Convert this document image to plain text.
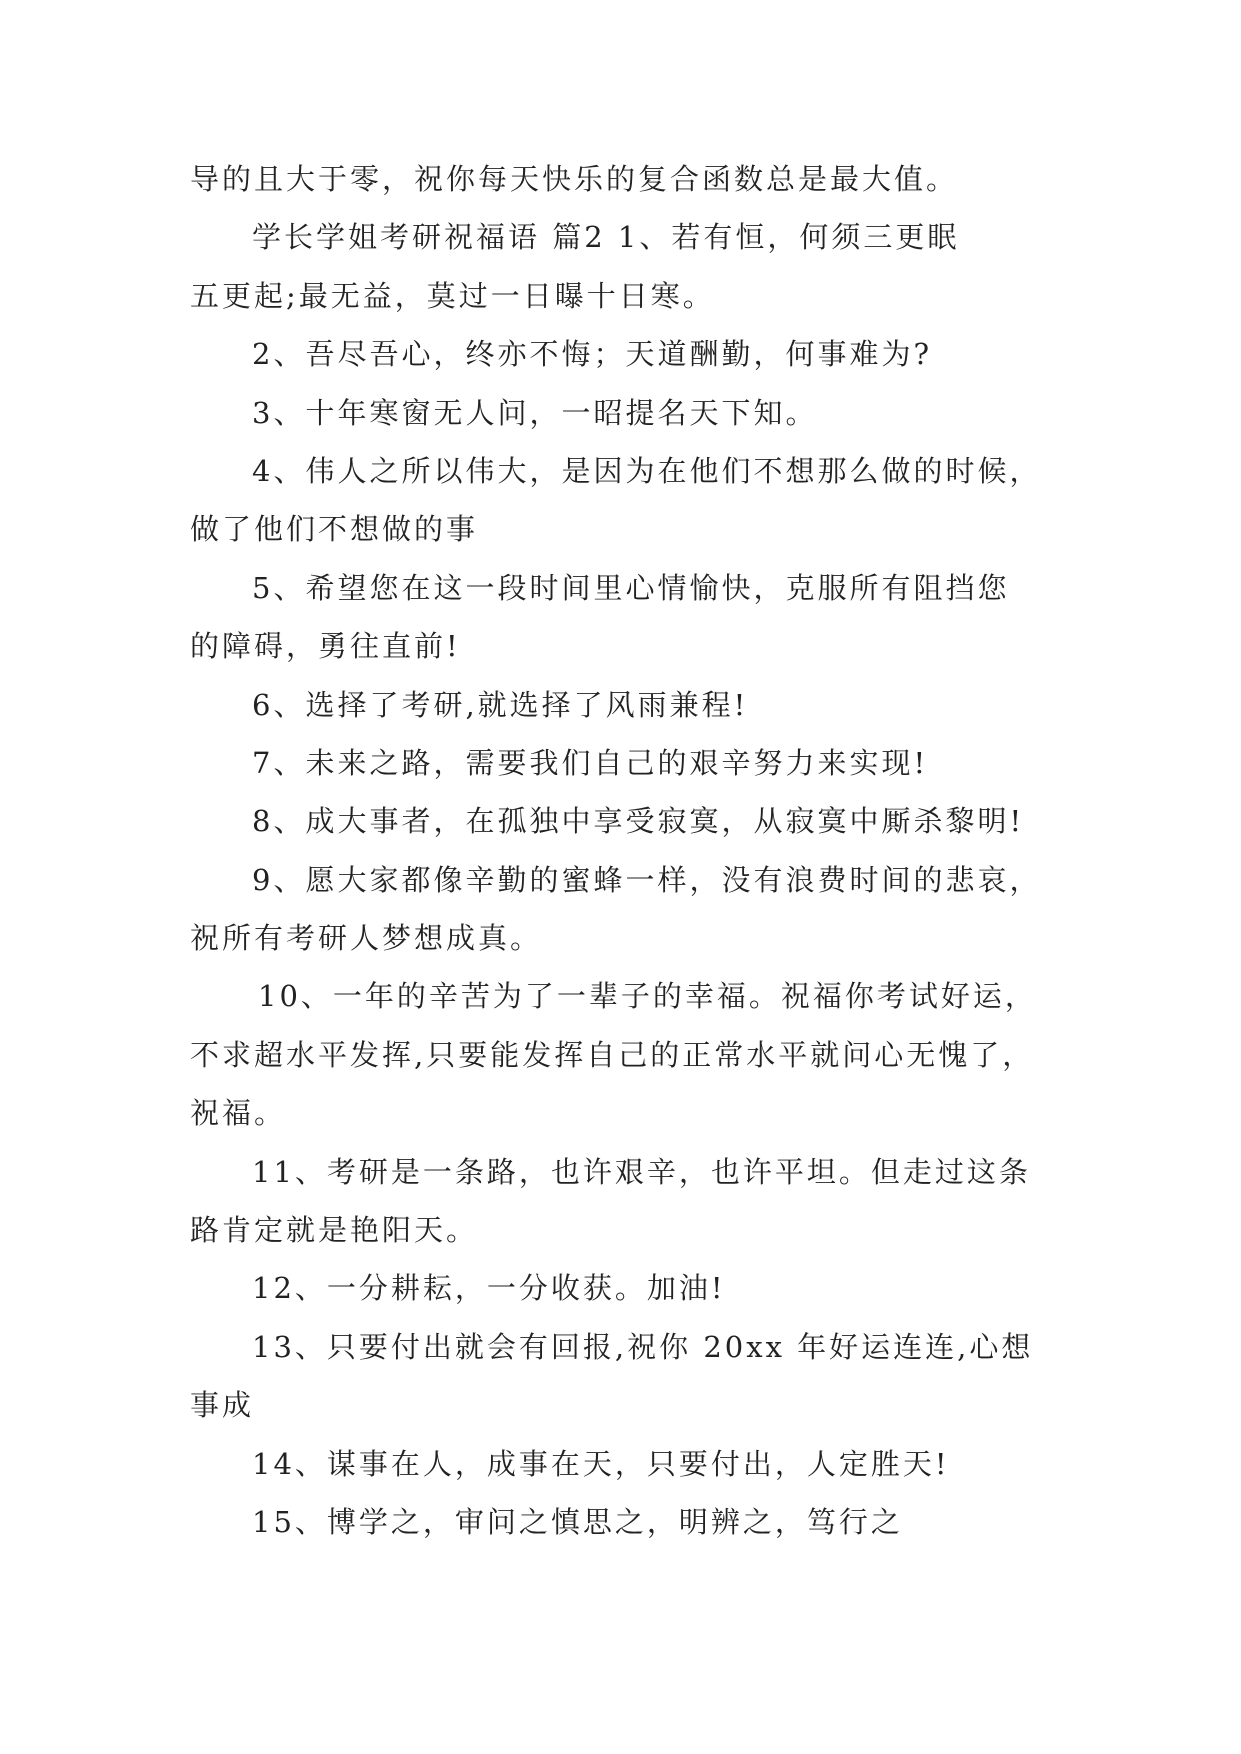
导的且大于零，祝你每天快乐的复合函数总是最大值。
学长学姐考研祝福语 篇2 1、若有恒，何须三更眠
五更起;最无益，莫过一日曝十日寒。
2、吾尽吾心，终亦不悔；天道酬勤，何事难为?
3、十年寒窗无人问，一昭提名天下知。
4、伟人之所以伟大，是因为在他们不想那么做的时候，
做了他们不想做的事
5、希望您在这一段时间里心情愉快，克服所有阻挡您
的障碍，勇往直前!
6、选择了考研,就选择了风雨兼程!
7、未来之路，需要我们自己的艰辛努力来实现!
8、成大事者，在孤独中享受寂寞，从寂寞中厮杀黎明!
9、愿大家都像辛勤的蜜蜂一样，没有浪费时间的悲哀，
祝所有考研人梦想成真。
10、一年的辛苦为了一辈子的幸福。祝福你考试好运，
不求超水平发挥,只要能发挥自己的正常水平就问心无愧了，
祝福。
11、考研是一条路，也许艰辛，也许平坦。但走过这条
路肯定就是艳阳天。
12、一分耕耘，一分收获。加油!
13、只要付出就会有回报,祝你 20xx 年好运连连,心想
事成
14、谋事在人，成事在天，只要付出，人定胜天!
15、博学之，审问之慎思之，明辨之，笃行之
